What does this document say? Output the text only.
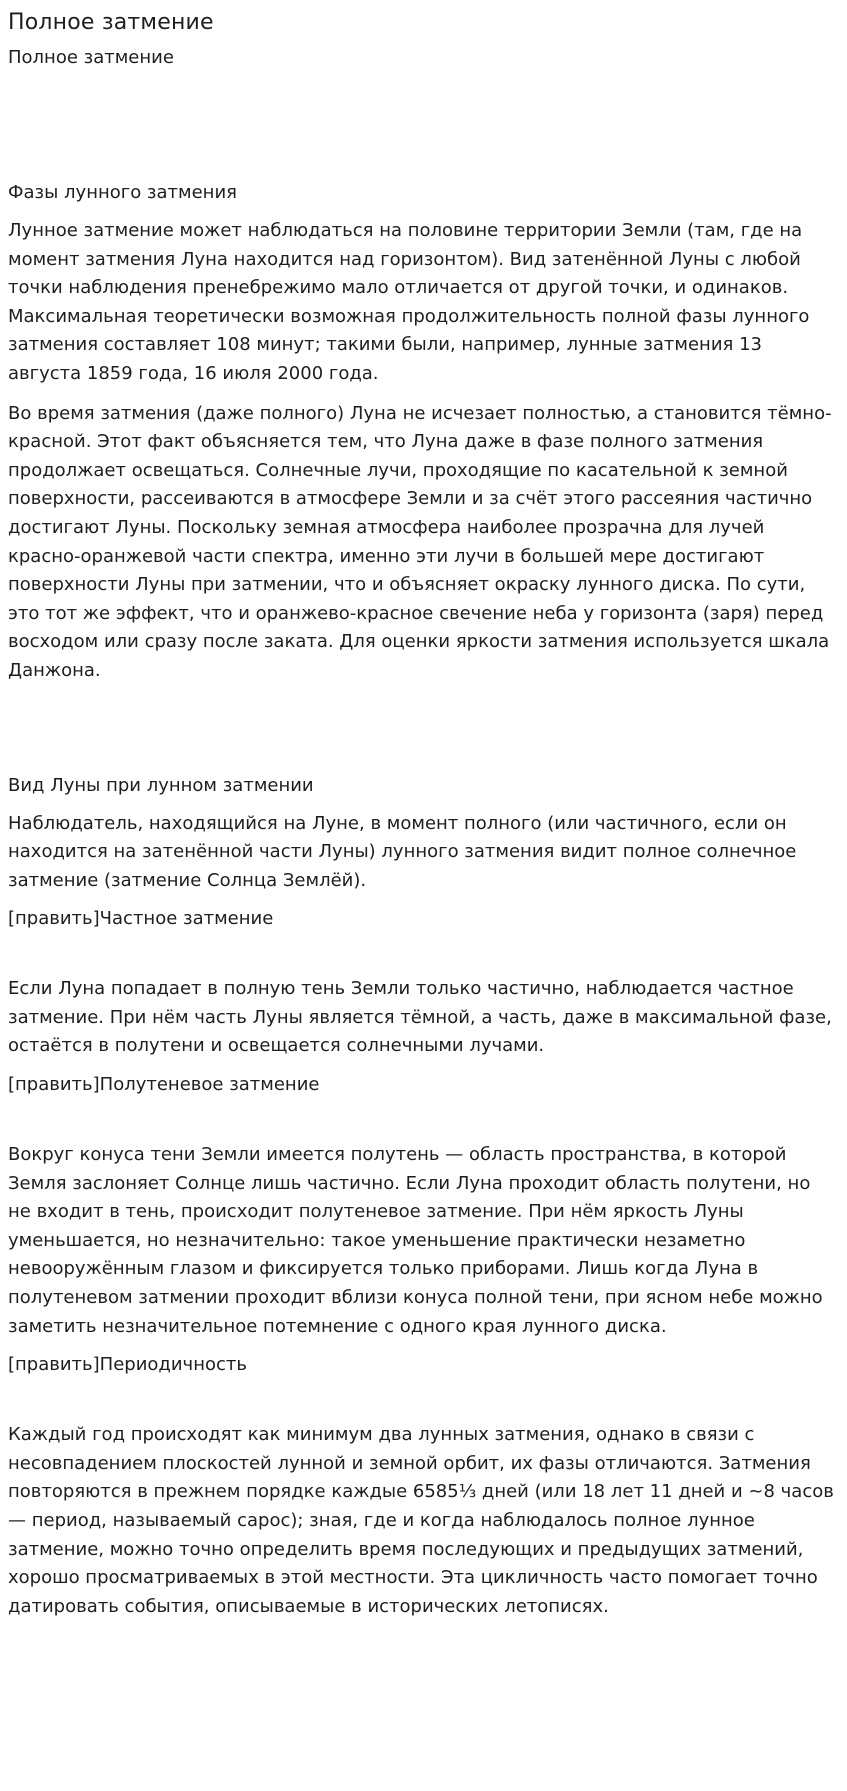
Полное затмение
Полное затмение
Фазы лунного затмения

Лунное затмение может наблюдаться на половине территории Земли (там, где на момент затмения Луна находится над горизонтом). Вид затенённой Луны с любой точки наблюдения пренебрежимо мало отличается от другой точки, и одинаков. Максимальная теоретически возможная продолжительность полной фазы лунного затмения составляет 108 минут; такими были, например, лунные затмения 13 августа 1859 года, 16 июля 2000 года.

Во время затмения (даже полного) Луна не исчезает полностью, а становится тёмно-красной. Этот факт объясняется тем, что Луна даже в фазе полного затмения продолжает освещаться. Солнечные лучи, проходящие по касательной к земной поверхности, рассеиваются в атмосфере Земли и за счёт этого рассеяния частично достигают Луны. Поскольку земная атмосфера наиболее прозрачна для лучей красно-оранжевой части спектра, именно эти лучи в большей мере достигают поверхности Луны при затмении, что и объясняет окраску лунного диска. По сути, это тот же эффект, что и оранжево-красное свечение неба у горизонта (заря) перед восходом или сразу после заката. Для оценки яркости затмения используется шкала Данжона.

Вид Луны при лунном затмении

Наблюдатель, находящийся на Луне, в момент полного (или частичного, если он находится на затенённой части Луны) лунного затмения видит полное солнечное затмение (затмение Солнца Землёй).

[править]Частное затмение

Если Луна попадает в полную тень Земли только частично, наблюдается частное затмение. При нём часть Луны является тёмной, а часть, даже в максимальной фазе, остаётся в полутени и освещается солнечными лучами.

[править]Полутеневое затмение

Вокруг конуса тени Земли имеется полутень — область пространства, в которой Земля заслоняет Солнце лишь частично. Если Луна проходит область полутени, но не входит в тень, происходит полутеневое затмение. При нём яркость Луны уменьшается, но незначительно: такое уменьшение практически незаметно невооружённым глазом и фиксируется только приборами. Лишь когда Луна в полутеневом затмении проходит вблизи конуса полной тени, при ясном небе можно заметить незначительное потемнение с одного края лунного диска.

[править]Периодичность

Каждый год происходят как минимум два лунных затмения, однако в связи с несовпадением плоскостей лунной и земной орбит, их фазы отличаются. Затмения повторяются в прежнем порядке каждые 6585⅓ дней (или 18 лет 11 дней и ~8 часов — период, называемый сарос); зная, где и когда наблюдалось полное лунное затмение, можно точно определить время последующих и предыдущих затмений, хорошо просматриваемых в этой местности. Эта цикличность часто помогает точно датировать события, описываемые в исторических летописях.
